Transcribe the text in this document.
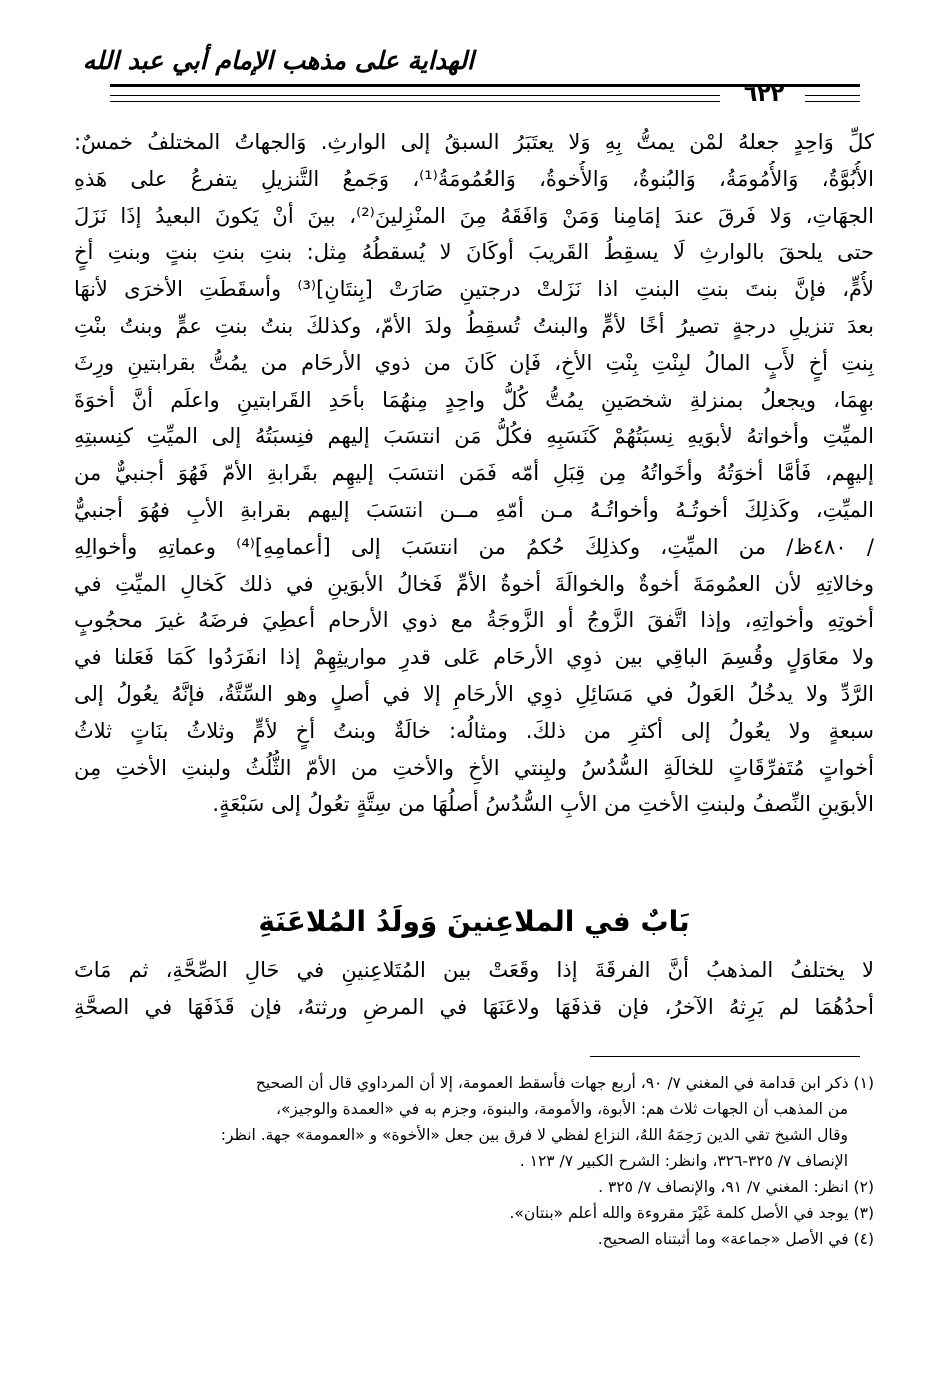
الهداية على مذهب الإمام أبي عبد الله
٦٢٢
كلِّ وَاحِدٍ جعلهُ لمْن يمتُّ بِهِ وَلا يعتَبَرُ السبقُ إلى الوارثِ. وَالجهاتُ المختلفُ خمسٌ:
الأُبُوَّةُ، وَالأُمُومَةُ، وَالبُنوةُ، وَالأُخوةُ، وَالعُمُومَةُ⁽¹⁾، وَجَمعُ التَّنزيلِ يتفرعُ على هَذهِ
الجهَاتِ، وَلا فَرقَ عندَ إمَامِنا وَمَنْ وَافَقَهُ مِنَ المنْزِلينَ⁽²⁾، بينَ أنْ يَكونَ البعيدُ إذَا نَزَلَ
حتى يلحقَ بالوارثِ لَا يسقِطُ القَريبَ أوكَانَ لا يُسقطُهُ مِثل: بنتِ بنتِ بنتٍ وبنتِ أخٍ
لأُمٍّ، فإنَّ بنتَ بنتِ البنتِ اذا نَزَلتْ درجتينِ صَارَتْ [بِنتَانِ]⁽³⁾ وأسقَطَتِ الأخرَى لأنهَا
بعدَ تنزيلِ درجةٍ تصيرُ أخًا لأمٍّ والبنتُ تُسقِطُ ولدَ الأمّ، وكذلكَ بنتُ بنتِ عمٍّ وبنتُ بنْتِ
بِنتِ أخٍ لأَبٍ المالُ لبِنْتِ بِنْتِ الأخِ، فَإن كَانَ من ذوي الأرحَام من يمُتُّ بقرابتينِ ورِثَ
بهِمَا، ويجعلُ بمنزلةِ شخصَينِ يمُتُّ كُلُّ واحِدٍ مِنهُمَا بأحَدِ القَرابتينِ واعلَم أنَّ أخوَةَ
الميِّتِ وأخواتهُ لأبوَيهِ نِسبَتُهُمْ كَنَسَبِهِ فكُلُّ مَن انتسَبَ إليهم فنِسبَتُهُ إلى الميِّتِ كنِسبتِهِ
إليهِم، فَأمَّا أخوَتُهُ وأخَواتُهُ مِن قِبَلِ أمّه فَمَن انتسَبَ إليهِم بقَرابةِ الأمّ فَهُوَ أجنبيٌّ من
الميِّتِ، وكَذلِكَ أخوتُـهُ وأخواتُـهُ مـن أمّهِ مــن انتسَبَ إليهم بقرابةِ الأبِ فهُوَ أجنبيٌّ
/ ٤٨٠ظ/ من الميِّتِ، وكذلِكَ حُكمُ من انتسَبَ إلى [أعمامِهِ]⁽⁴⁾ وعماتِهِ وأخوالِهِ
وخالاتِهِ لأن العمُومَةَ أخوةٌ والخوالَةَ أخوةُ الأمِّ فَخالُ الأبوَينِ في ذلك كَخالِ الميِّتِ في
أخوتِهِ وأخواتِهِ، وإذا اتَّفقَ الزَّوجُ أو الزَّوجَةُ مع ذوي الأرحام أعطِيَ فرضَهُ غيرَ محجُوبٍ
ولا معَاوَلٍ وقُسِمَ الباقِي بين ذوِي الأرحَام عَلى قدرِ مواريثِهِمْ إذا انفَرَدُوا كَمَا فَعَلنا في
الرَّدِّ ولا يدخُلُ العَولُ في مَسَائِلِ ذوِي الأرحَامِ إلا في أصلٍ وهو السِّتَّةُ، فإنَّهُ يعُولُ إلى
سبعةٍ ولا يعُولُ إلى أكثرِ من ذلكَ. ومثالُه: خالَةٌ وبنتُ أخٍ لأمٍّ وثلاثُ بنَاتٍ ثلاثُ
أخواتٍ مُتَفرِّقَاتٍ للخالَةِ السُّدُسُ ولبِنتي الأخِ والأختِ من الأمّ الثُّلُثُ ولبنتِ الأختِ مِن
الأبوَينِ النِّصفُ ولبنتِ الأختِ من الأبِ السُّدُسُ أصلُهَا من سِتَّةٍ تعُولُ إلى سَبْعَةٍ.
بَابٌ في الملاعِنينَ وَولَدُ المُلاعَنَةِ
لا يختلفُ المذهبُ أنَّ الفرقَةَ إذا وقَعَتْ بين المُتَلاعِنينِ في حَالِ الصِّحَّةِ، ثم مَاتَ
أحدُهُمَا لم يَرِثهُ الآخرُ، فإن قذفَهَا ولاعَنَهَا في المرضِ ورثتهُ، فإن قَذَفَهَا في الصحَّةِ
(١) ذكر ابن قدامة في المغني ٧/ ٩٠، أربع جهات فأسقط العمومة، إلا أن المرداوي قال أن الصحيح
من المذهب أن الجهات ثلاث هم: الأبوة، والأمومة، والبنوة، وجزم به في «العمدة والوجيز»،
وقال الشيخ تقي الدين رَحِمَهُ اللهُ، النزاع لفظي لا فرق بين جعل «الأخوة» و «العمومة» جهة. انظر:
الإنصاف ٧/ ٣٢٥-٣٢٦، وانظر: الشرح الكبير ٧/ ١٢٣ .
(٢) انظر: المغني ٧/ ٩١، والإنصاف ٧/ ٣٢٥ .
(٣) يوجد في الأصل كلمة غَيْرَ مقروءة والله أعلم «بنتان».
(٤) في الأصل «جماعة» وما أثبتناه الصحيح.
